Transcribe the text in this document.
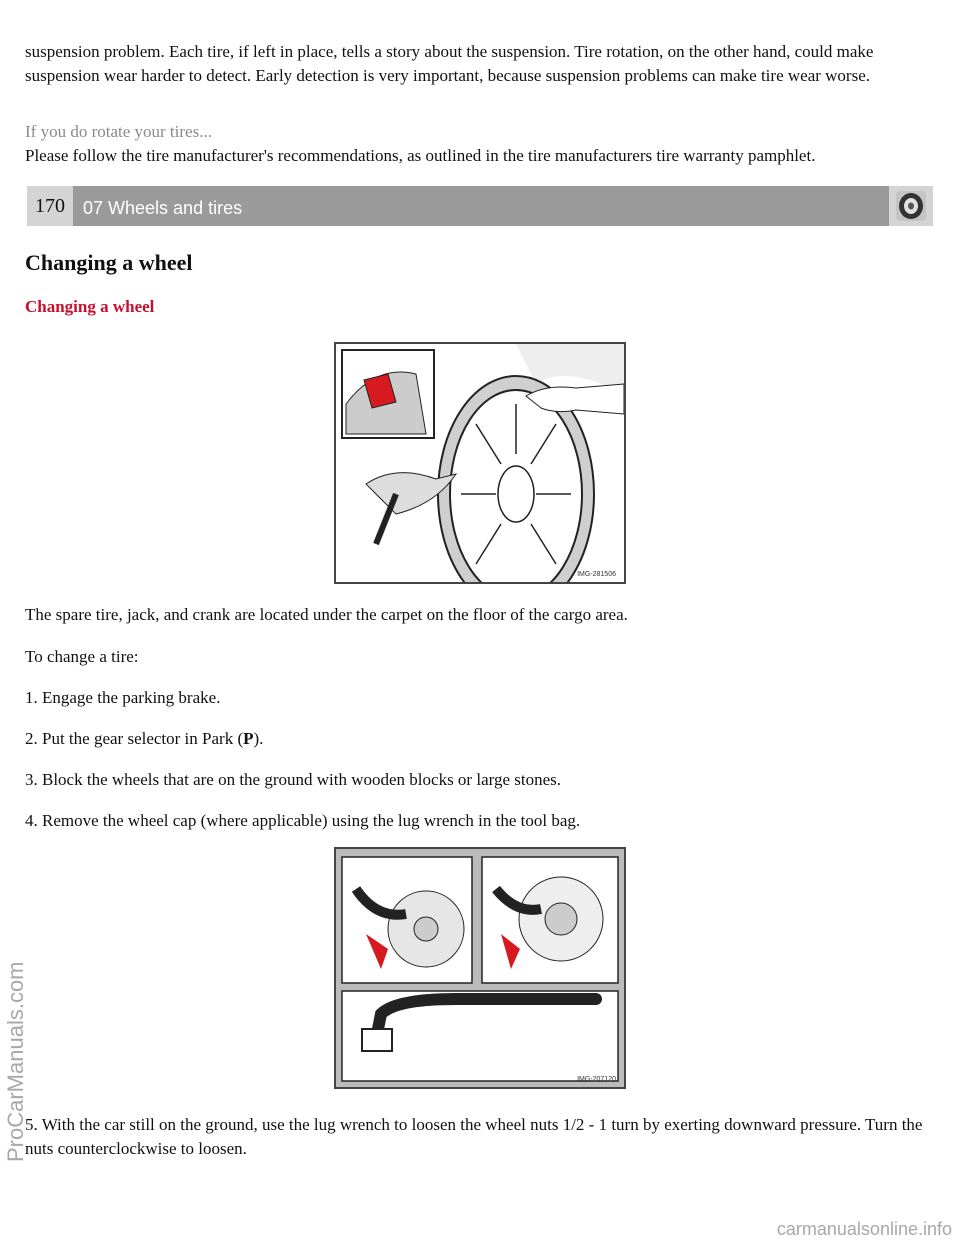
suspension problem. Each tire, if left in place, tells a story about the suspension. Tire rotation, on the other hand, could make suspension wear harder to detect. Early detection is very important, because suspension problems can make tire wear worse.

If you do rotate your tires...

Please follow the tire manufacturer's recommendations, as outlined in the tire manufacturers tire warranty pamphlet.

170	07 Wheels and tires
Changing a wheel
Changing a wheel
IMG-281506

The spare tire, jack, and crank are located under the carpet on the floor of the cargo area.

To change a tire:

1. Engage the parking brake.

2. Put the gear selector in Park (P).

3. Block the wheels that are on the ground with wooden blocks or large stones.

4. Remove the wheel cap (where applicable) using the lug wrench in the tool bag.

IMG-207120

5. With the car still on the ground, use the lug wrench to loosen the wheel nuts 1/2 - 1 turn by exerting downward pressure. Turn the nuts counterclockwise to loosen.

ProCarManuals.com
carmanualsonline.info
